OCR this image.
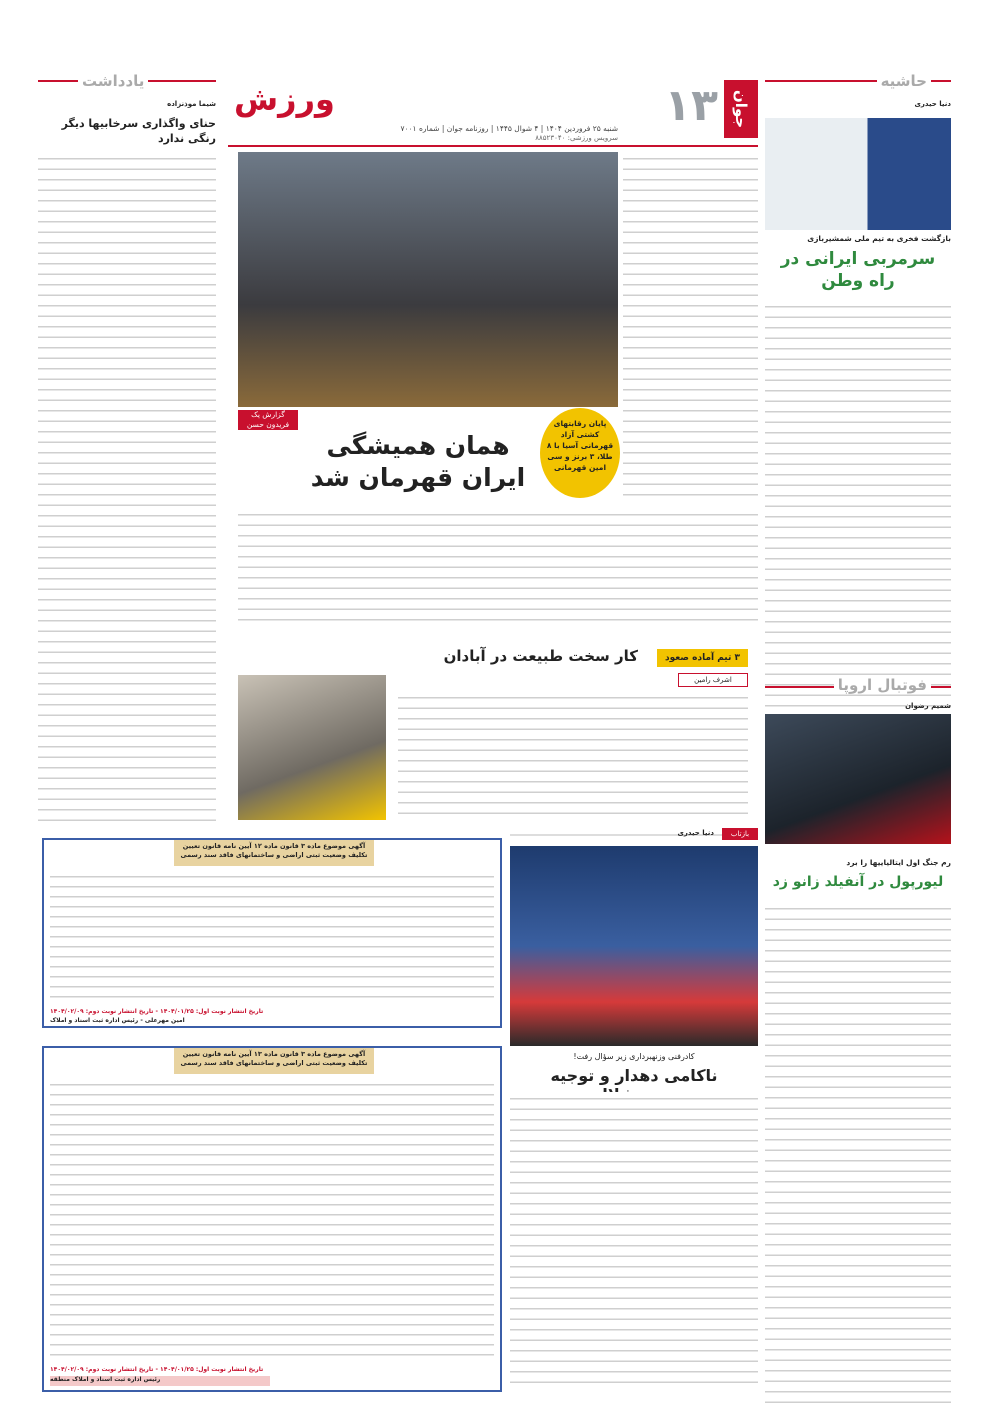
جوان
۱۳
ورزش
شنبه ۲۵ فروردین ۱۴۰۴ | ۴ شوال ۱۴۴۵ | روزنامه جوان | شماره ۷۰۰۱
سرویس ورزشی: ۸۸۵۲۳۰۴۰
یادداشت
شیما موذنزاده
حنای واگذاری سرخابیها دیگر رنگی ندارد
حاشیه
دنیا حیدری
بازگشت فخری به تیم ملی شمشیربازی
سرمربی ایرانی در راه وطن
فوتبال اروپا
شمیم رضوان
رم جنگ اول ایتالیاییها را برد
لیورپول در آنفیلد زانو زد
گزارش یک
فریدون حسن
همان همیشگی ایران قهرمان شد
پایان رقابتهای کشتی آزاد قهرمانی آسیا با ۸ طلا، ۳ برنز و سی امین قهرمانی
۳ تیم آماده صعود
کار سخت طبیعت در آبادان
اشرف رامین
بازتاب
دنیا حیدری
کادرفنی وزنهبرداری زیر سؤال رفت!
ناکامی دهدار و توجیه
آگهی موضوع ماده ۳ قانون ماده ۱۲ آیین نامه قانون تعیین تکلیف وضعیت ثبتی اراضی و ساختمانهای فاقد سند رسمی
تاریخ انتشار نوبت اول: ۱۴۰۴/۰۱/۲۵ - تاریخ انتشار نوبت دوم: ۱۴۰۴/۰۲/۰۹
امین مهرعلی - رئیس اداره ثبت اسناد و املاک
آگهی موضوع ماده ۳ قانون ماده ۱۳ آیین نامه قانون تعیین تکلیف وضعیت ثبتی اراضی و ساختمانهای فاقد سند رسمی
تاریخ انتشار نوبت اول: ۱۴۰۴/۰۱/۲۵ - تاریخ انتشار نوبت دوم: ۱۴۰۴/۰۲/۰۹
رئیس اداره ثبت اسناد و املاک منطقه
